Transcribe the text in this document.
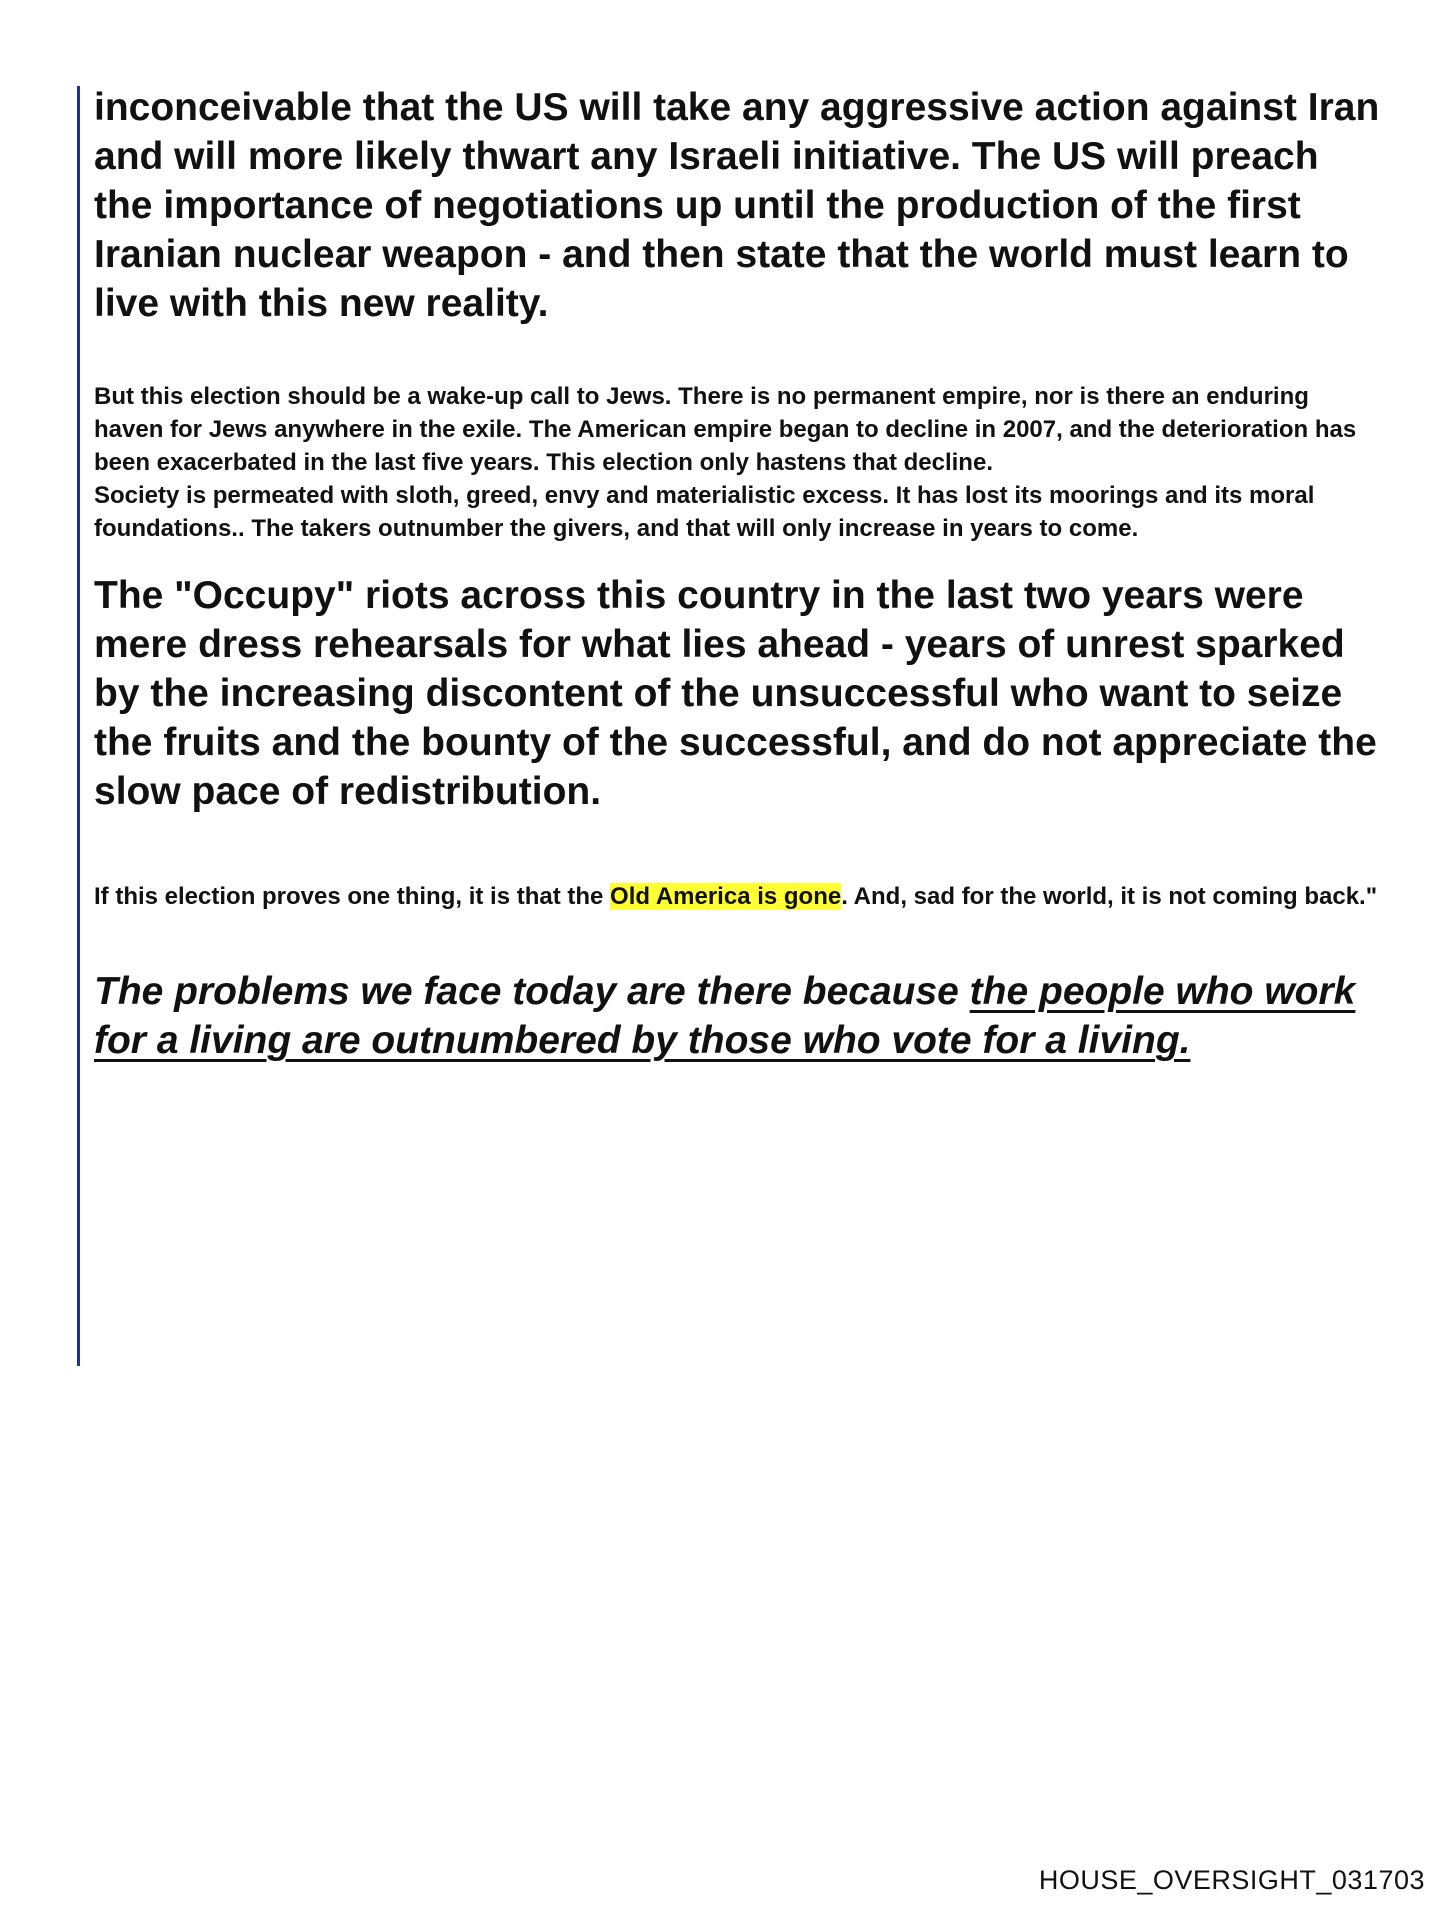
inconceivable that the US will take any aggressive action against Iran and will more likely thwart any Israeli initiative. The US will preach the importance of negotiations up until the production of the first Iranian nuclear weapon - and then state that the world must learn to live with this new reality.

But this election should be a wake-up call to Jews. There is no permanent empire, nor is there an enduring haven for Jews anywhere in the exile. The American empire began to decline in 2007, and the deterioration has been exacerbated in the last five years. This election only hastens that decline.

Society is permeated with sloth, greed, envy and materialistic excess. It has lost its moorings and its moral foundations.. The takers outnumber the givers, and that will only increase in years to come.

The "Occupy" riots across this country in the last two years were mere dress rehearsals for what lies ahead - years of unrest sparked by the increasing discontent of the unsuccessful who want to seize the fruits and the bounty of the successful, and do not appreciate the slow pace of redistribution.

If this election proves one thing, it is that the Old America is gone. And, sad for the world, it is not coming back."

The problems we face today are there because the people who work for a living are outnumbered by those who vote for a living.

HOUSE_OVERSIGHT_031703
